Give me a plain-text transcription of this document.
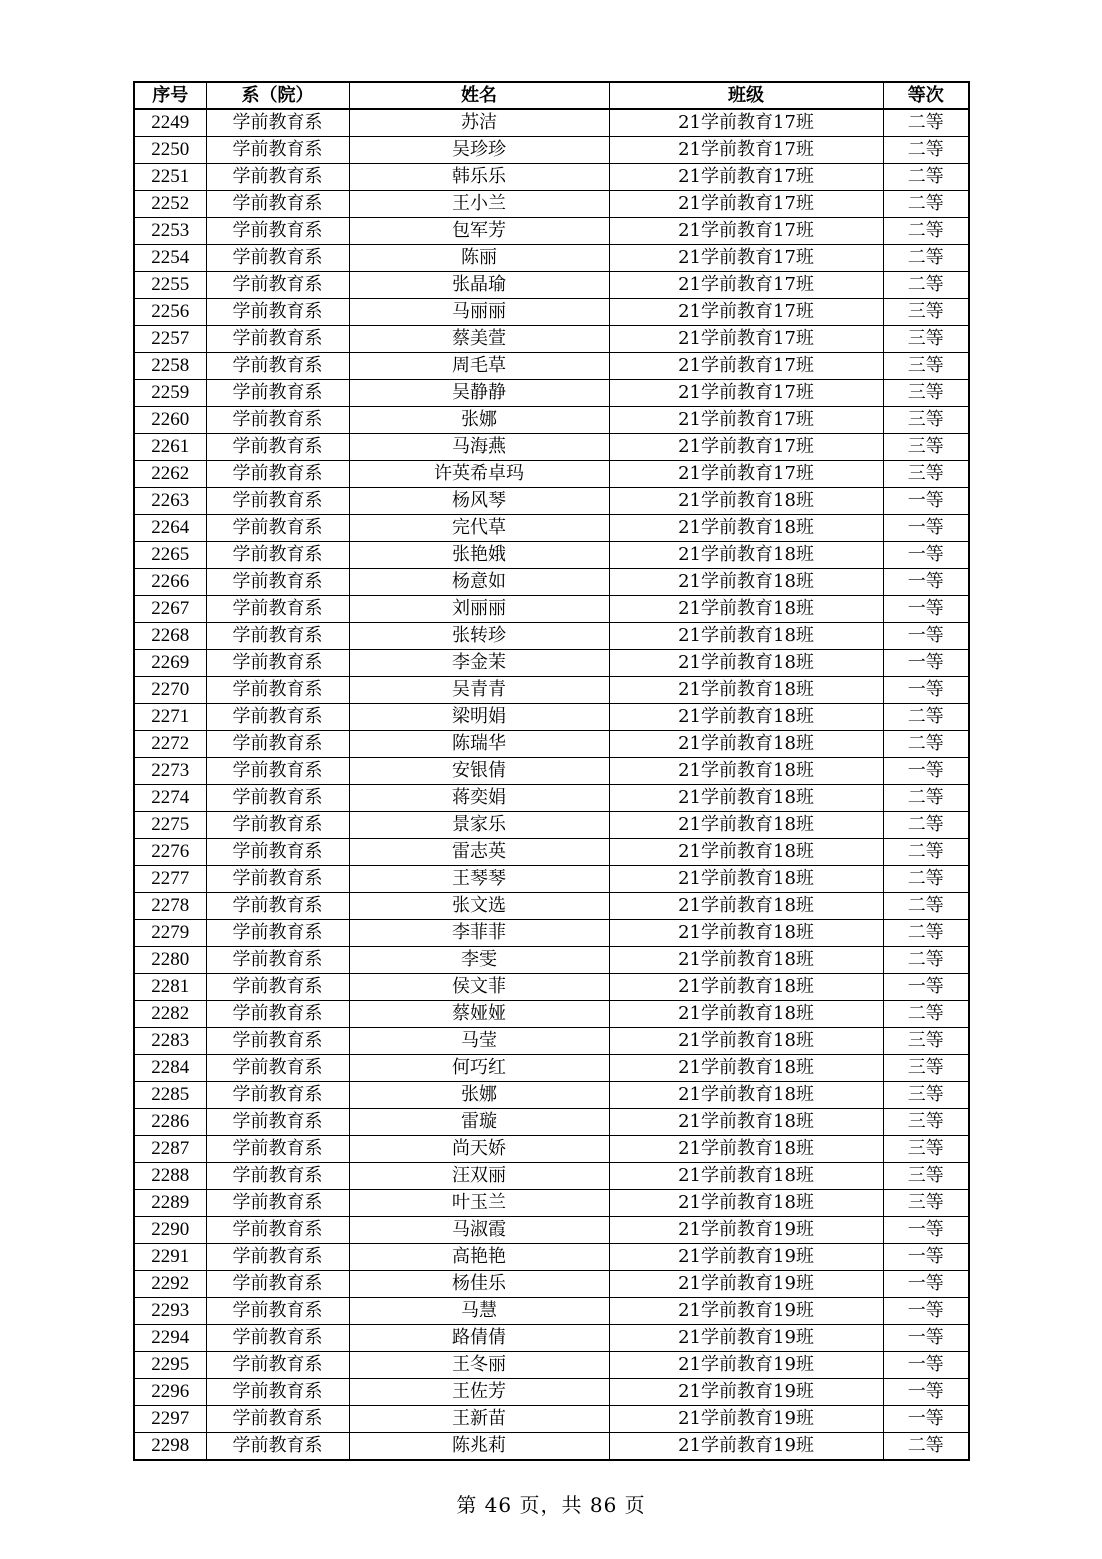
序号	系（院）	姓名	班级	等次
2249	学前教育系	苏洁	21学前教育17班	二等
2250	学前教育系	吴珍珍	21学前教育17班	二等
2251	学前教育系	韩乐乐	21学前教育17班	二等
2252	学前教育系	王小兰	21学前教育17班	二等
2253	学前教育系	包军芳	21学前教育17班	二等
2254	学前教育系	陈丽	21学前教育17班	二等
2255	学前教育系	张晶瑜	21学前教育17班	二等
2256	学前教育系	马丽丽	21学前教育17班	三等
2257	学前教育系	蔡美萱	21学前教育17班	三等
2258	学前教育系	周毛草	21学前教育17班	三等
2259	学前教育系	吴静静	21学前教育17班	三等
2260	学前教育系	张娜	21学前教育17班	三等
2261	学前教育系	马海燕	21学前教育17班	三等
2262	学前教育系	许英希卓玛	21学前教育17班	三等
2263	学前教育系	杨风琴	21学前教育18班	一等
2264	学前教育系	完代草	21学前教育18班	一等
2265	学前教育系	张艳娥	21学前教育18班	一等
2266	学前教育系	杨意如	21学前教育18班	一等
2267	学前教育系	刘丽丽	21学前教育18班	一等
2268	学前教育系	张转珍	21学前教育18班	一等
2269	学前教育系	李金茉	21学前教育18班	一等
2270	学前教育系	吴青青	21学前教育18班	一等
2271	学前教育系	梁明娟	21学前教育18班	二等
2272	学前教育系	陈瑞华	21学前教育18班	二等
2273	学前教育系	安银倩	21学前教育18班	一等
2274	学前教育系	蒋奕娟	21学前教育18班	二等
2275	学前教育系	景家乐	21学前教育18班	二等
2276	学前教育系	雷志英	21学前教育18班	二等
2277	学前教育系	王琴琴	21学前教育18班	二等
2278	学前教育系	张文选	21学前教育18班	二等
2279	学前教育系	李菲菲	21学前教育18班	二等
2280	学前教育系	李雯	21学前教育18班	二等
2281	学前教育系	侯文菲	21学前教育18班	一等
2282	学前教育系	蔡娅娅	21学前教育18班	二等
2283	学前教育系	马莹	21学前教育18班	三等
2284	学前教育系	何巧红	21学前教育18班	三等
2285	学前教育系	张娜	21学前教育18班	三等
2286	学前教育系	雷璇	21学前教育18班	三等
2287	学前教育系	尚天娇	21学前教育18班	三等
2288	学前教育系	汪双丽	21学前教育18班	三等
2289	学前教育系	叶玉兰	21学前教育18班	三等
2290	学前教育系	马淑霞	21学前教育19班	一等
2291	学前教育系	高艳艳	21学前教育19班	一等
2292	学前教育系	杨佳乐	21学前教育19班	一等
2293	学前教育系	马慧	21学前教育19班	一等
2294	学前教育系	路倩倩	21学前教育19班	一等
2295	学前教育系	王冬丽	21学前教育19班	一等
2296	学前教育系	王佐芳	21学前教育19班	一等
2297	学前教育系	王新苗	21学前教育19班	一等
2298	学前教育系	陈兆莉	21学前教育19班	二等
第 46 页，共 86 页
